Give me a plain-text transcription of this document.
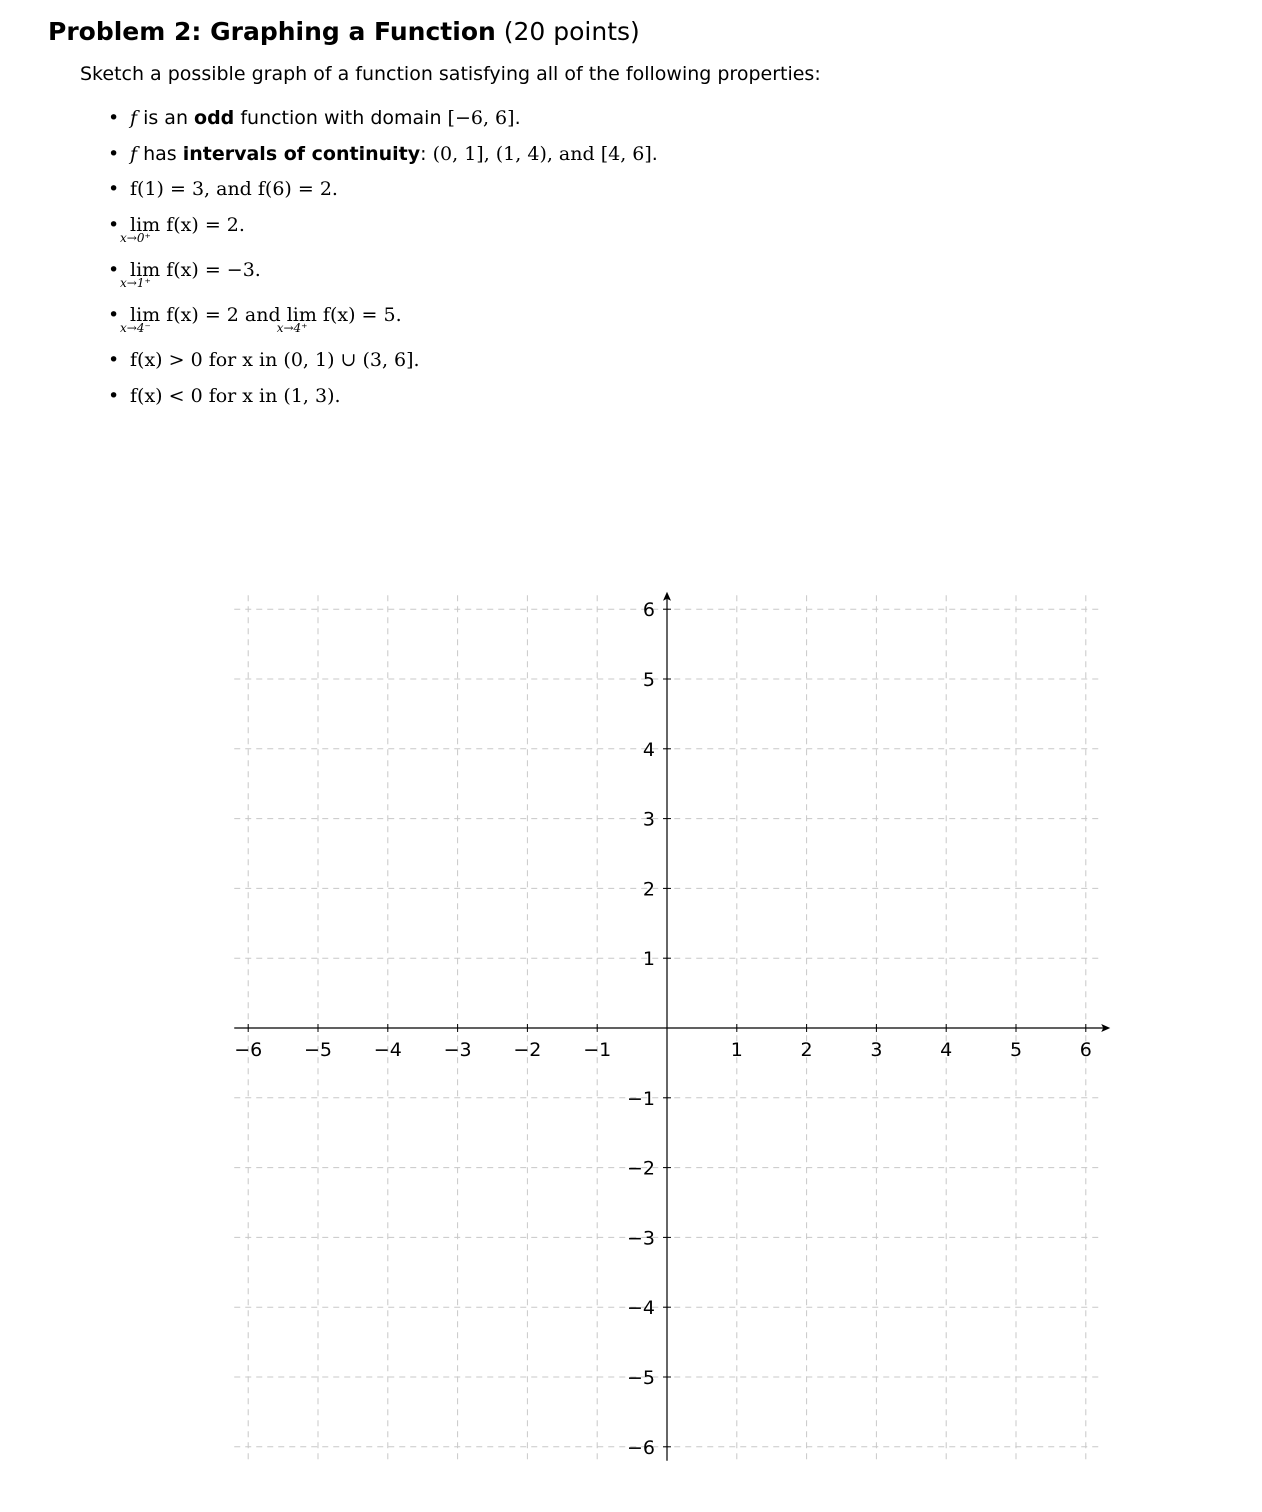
Problem 2: Graphing a Function (20 points)
Sketch a possible graph of a function satisfying all of the following properties:
• f is an odd function with domain [−6, 6].
• f has intervals of continuity: (0, 1], (1, 4), and [4, 6].
• f(1) = 3, and f(6) = 2.
• lim
x→0⁺
f(x) = 2.
• lim
x→1⁺
f(x) = −3.
• lim
x→4⁻
f(x) = 2 and lim
x→4⁺
f(x) = 5.
• f(x) > 0 for x in (0, 1) ∪ (3, 6].
• f(x) < 0 for x in (1, 3).
−6 −5 −4 −3 −2 −1	1	2	3	4	5	6
6
5
4
3
2
1
−1
−2
−3
−4
−5
−6
